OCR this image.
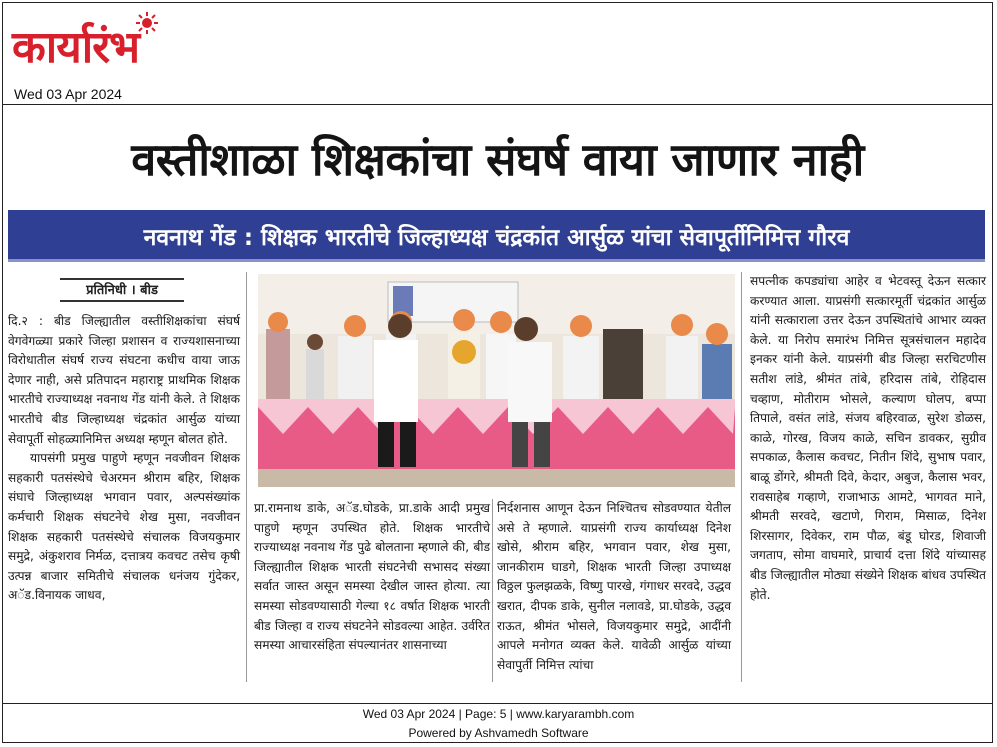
कार्यारंभ
Wed 03 Apr 2024
वस्तीशाळा शिक्षकांचा संघर्ष वाया जाणार नाही
नवनाथ गेंड : शिक्षक भारतीचे जिल्हाध्यक्ष चंद्रकांत आर्सुळ यांचा सेवापूर्तीनिमित्त गौरव
प्रतिनिधी । बीड

दि.२ : बीड जिल्ह्यातील वस्तीशिक्षकांचा संघर्ष वेगवेगळ्या प्रकारे जिल्हा प्रशासन व राज्यशासनाच्या विरोधातील संघर्ष राज्य संघटना कधीच वाया जाऊ देणार नाही, असे प्रतिपादन महाराष्ट्र प्राथमिक शिक्षक भारतीचे राज्याध्यक्ष नवनाथ गेंड यांनी केले. ते शिक्षक भारतीचे बीड जिल्हाध्यक्ष चंद्रकांत आर्सुळ यांच्या सेवापूर्ती सोहळ्यानिमित्त अध्यक्ष म्हणून बोलत होते.

यापसंगी प्रमुख पाहुणे म्हणून नवजीवन शिक्षक सहकारी पतसंस्थेचे चेअरमन श्रीराम बहिर, शिक्षक संघाचे जिल्हाध्यक्ष भगवान पवार, अल्पसंख्यांक कर्मचारी शिक्षक संघटनेचे शेख मुसा, नवजीवन शिक्षक सहकारी पतसंस्थेचे संचालक विजयकुमार समुद्रे, अंकुशराव निर्मळ, दत्तात्रय कवचट तसेच कृषी उत्पन्न बाजार समितीचे संचालक धनंजय गुंदेकर, अॅड.विनायक जाधव,

प्रा.रामनाथ डाके, अॅड.घोडके, प्रा.डाके आदी प्रमुख पाहुणे म्हणून उपस्थित होते. शिक्षक भारतीचे राज्याध्यक्ष नवनाथ गेंड पुढे बोलताना म्हणाले की, बीड जिल्ह्यातील शिक्षक भारती संघटनेची सभासद संख्या सर्वात जास्त असून समस्या देखील जास्त होत्या. त्या समस्या सोडवण्यासाठी गेल्या १८ वर्षात शिक्षक भारती बीड जिल्हा व राज्य संघटनेने सोडवल्या आहेत. उर्वरित समस्या आचारसंहिता संपल्यानंतर शासनाच्या

निर्दशनास आणून देऊन निश्चितच सोडवण्यात येतील असे ते म्हणाले. याप्रसंगी राज्य कार्याध्यक्ष दिनेश खोसे, श्रीराम बहिर, भगवान पवार, शेख मुसा, जानकीराम घाडगे, शिक्षक भारती जिल्हा उपाध्यक्ष विठ्ठल फुलझळके, विष्णु पारखे, गंगाधर सरवदे, उद्धव खरात, दीपक डाके, सुनील नलावडे, प्रा.घोडके, उद्धव राऊत, श्रीमंत भोसले, विजयकुमार समुद्रे, आदींनी आपले मनोगत व्यक्त केले. यावेळी आर्सुळ यांच्या सेवापुर्ती निमित्त त्यांचा

सपत्नीक कपड्यांचा आहेर व भेटवस्तू देऊन सत्कार करण्यात आला. याप्रसंगी सत्कारमूर्ती चंद्रकांत आर्सुळ यांनी सत्काराला उत्तर देऊन उपस्थितांचे आभार व्यक्त केले. या निरोप समारंभ निमित्त सूत्रसंचालन महादेव इनकर यांनी केले. याप्रसंगी बीड जिल्हा सरचिटणीस सतीश लांडे, श्रीमंत तांबे, हरिदास तांबे, रोहिदास चव्हाण, मोतीराम भोसले, कल्याण घोलप, बप्पा तिपाले, वसंत लांडे, संजय बहिरवाळ, सुरेश डोळस, काळे, गोरख, विजय काळे, सचिन डावकर, सुग्रीव सपकाळ, कैलास कवचट, नितीन शिंदे, सुभाष पवार, बाळू डोंगरे, श्रीमती दिवे, केदार, अबुज, कैलास भवर, रावसाहेब गव्हाणे, राजाभाऊ आमटे, भागवत माने, श्रीमती सरवदे, खटाणे, गिराम, मिसाळ, दिनेश शिरसागर, दिवेकर, राम पौळ, बंडू घोरड, शिवाजी जगताप, सोमा वाघमारे, प्राचार्य दत्ता शिंदे यांच्यासह बीड जिल्ह्यातील मोठ्या संख्येने शिक्षक बांधव उपस्थित होते.

Wed 03 Apr 2024 | Page: 5 | www.karyarambh.com
Powered by Ashvamedh Software
